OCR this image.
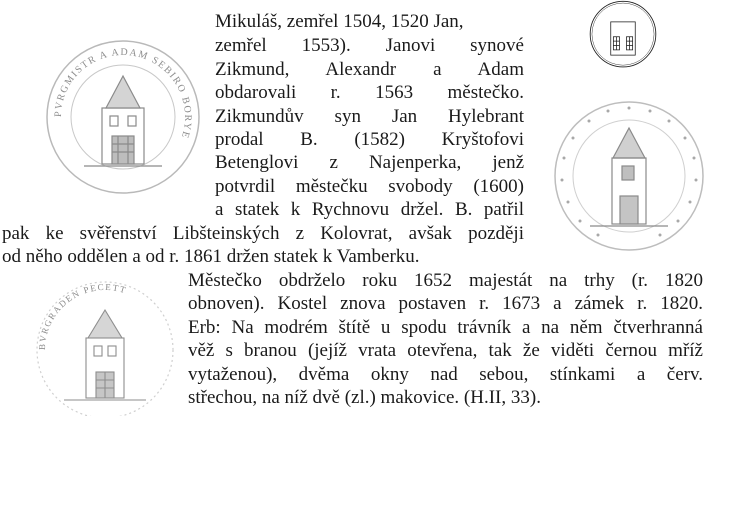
PVRGMISTR A ADAM SEBIRO BORYE
BVRGRADEN PECETT

Mikuláš, zemřel 1504, 1520 Jan,
zemřel 1553). Janovi synové
Zikmund, Alexandr a Adam
obdarovali r. 1563 městečko.
Zikmundův syn Jan Hylebrant
prodal B. (1582) Kryštofovi
Betenglovi z Najenperka, jenž
potvrdil městečku svobody (1600)
a statek k Rychnovu držel. B. patřil
pak ke svěřenství Libšteinských z Kolovrat, avšak později
od něho oddělen a od r. 1861 držen statek k Vamberku.
Městečko obdrželo roku 1652 majestát na trhy (r. 1820
obnoven). Kostel znova postaven r. 1673 a zámek r. 1820.
Erb: Na modrém štítě u spodu trávník a na něm čtverhranná
věž s branou (jejíž vrata otevřena, tak že viděti černou mříž
vytaženou), dvěma okny nad sebou, stínkami a červ.
střechou, na níž dvě (zl.) makovice. (H.II, 33).
